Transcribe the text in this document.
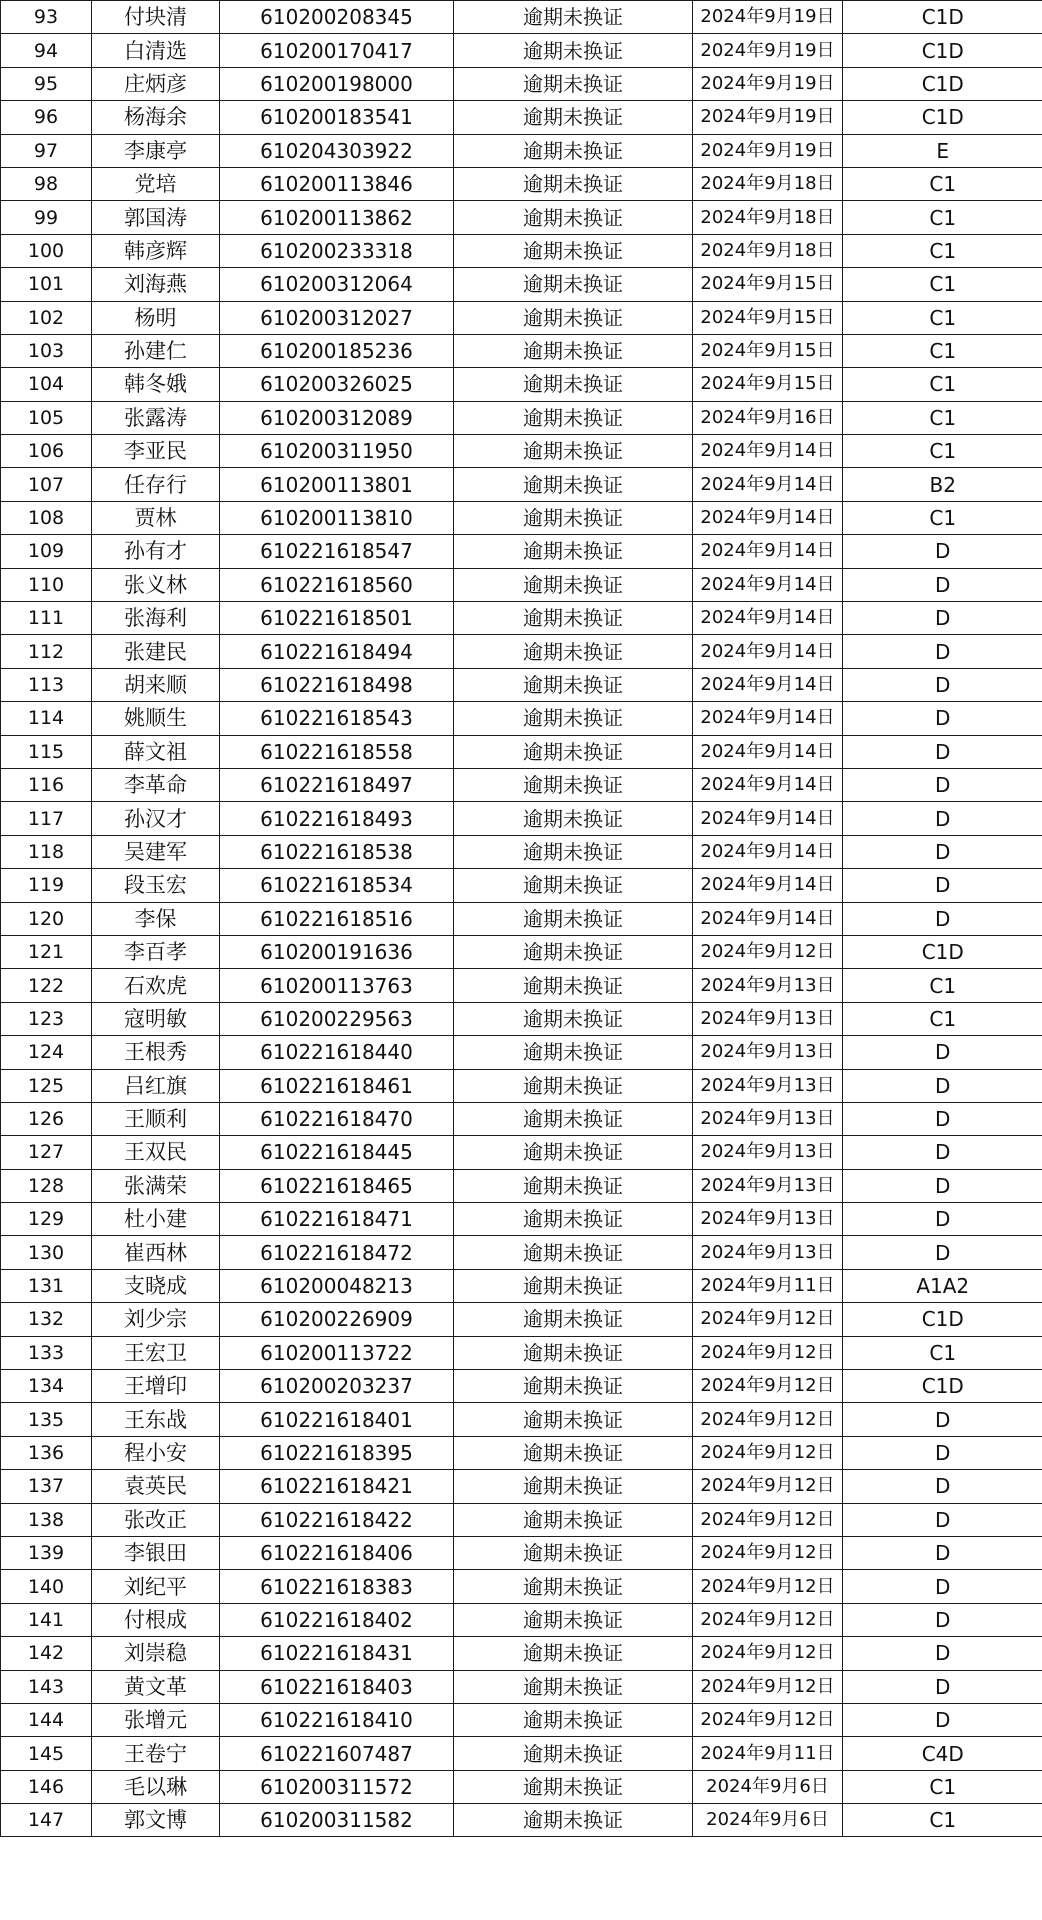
93	付块清	610200208345	逾期未换证	2024年9月19日	C1D
94	白清选	610200170417	逾期未换证	2024年9月19日	C1D
95	庄炳彦	610200198000	逾期未换证	2024年9月19日	C1D
96	杨海余	610200183541	逾期未换证	2024年9月19日	C1D
97	李康亭	610204303922	逾期未换证	2024年9月19日	E
98	党培	610200113846	逾期未换证	2024年9月18日	C1
99	郭国涛	610200113862	逾期未换证	2024年9月18日	C1
100	韩彦辉	610200233318	逾期未换证	2024年9月18日	C1
101	刘海燕	610200312064	逾期未换证	2024年9月15日	C1
102	杨明	610200312027	逾期未换证	2024年9月15日	C1
103	孙建仁	610200185236	逾期未换证	2024年9月15日	C1
104	韩冬娥	610200326025	逾期未换证	2024年9月15日	C1
105	张露涛	610200312089	逾期未换证	2024年9月16日	C1
106	李亚民	610200311950	逾期未换证	2024年9月14日	C1
107	任存行	610200113801	逾期未换证	2024年9月14日	B2
108	贾林	610200113810	逾期未换证	2024年9月14日	C1
109	孙有才	610221618547	逾期未换证	2024年9月14日	D
110	张义林	610221618560	逾期未换证	2024年9月14日	D
111	张海利	610221618501	逾期未换证	2024年9月14日	D
112	张建民	610221618494	逾期未换证	2024年9月14日	D
113	胡来顺	610221618498	逾期未换证	2024年9月14日	D
114	姚顺生	610221618543	逾期未换证	2024年9月14日	D
115	薛文祖	610221618558	逾期未换证	2024年9月14日	D
116	李革命	610221618497	逾期未换证	2024年9月14日	D
117	孙汉才	610221618493	逾期未换证	2024年9月14日	D
118	吴建军	610221618538	逾期未换证	2024年9月14日	D
119	段玉宏	610221618534	逾期未换证	2024年9月14日	D
120	李保	610221618516	逾期未换证	2024年9月14日	D
121	李百孝	610200191636	逾期未换证	2024年9月12日	C1D
122	石欢虎	610200113763	逾期未换证	2024年9月13日	C1
123	寇明敏	610200229563	逾期未换证	2024年9月13日	C1
124	王根秀	610221618440	逾期未换证	2024年9月13日	D
125	吕红旗	610221618461	逾期未换证	2024年9月13日	D
126	王顺利	610221618470	逾期未换证	2024年9月13日	D
127	王双民	610221618445	逾期未换证	2024年9月13日	D
128	张满荣	610221618465	逾期未换证	2024年9月13日	D
129	杜小建	610221618471	逾期未换证	2024年9月13日	D
130	崔西林	610221618472	逾期未换证	2024年9月13日	D
131	支晓成	610200048213	逾期未换证	2024年9月11日	A1A2
132	刘少宗	610200226909	逾期未换证	2024年9月12日	C1D
133	王宏卫	610200113722	逾期未换证	2024年9月12日	C1
134	王增印	610200203237	逾期未换证	2024年9月12日	C1D
135	王东战	610221618401	逾期未换证	2024年9月12日	D
136	程小安	610221618395	逾期未换证	2024年9月12日	D
137	袁英民	610221618421	逾期未换证	2024年9月12日	D
138	张改正	610221618422	逾期未换证	2024年9月12日	D
139	李银田	610221618406	逾期未换证	2024年9月12日	D
140	刘纪平	610221618383	逾期未换证	2024年9月12日	D
141	付根成	610221618402	逾期未换证	2024年9月12日	D
142	刘崇稳	610221618431	逾期未换证	2024年9月12日	D
143	黄文革	610221618403	逾期未换证	2024年9月12日	D
144	张增元	610221618410	逾期未换证	2024年9月12日	D
145	王卷宁	610221607487	逾期未换证	2024年9月11日	C4D
146	毛以琳	610200311572	逾期未换证	2024年9月6日	C1
147	郭文博	610200311582	逾期未换证	2024年9月6日	C1
